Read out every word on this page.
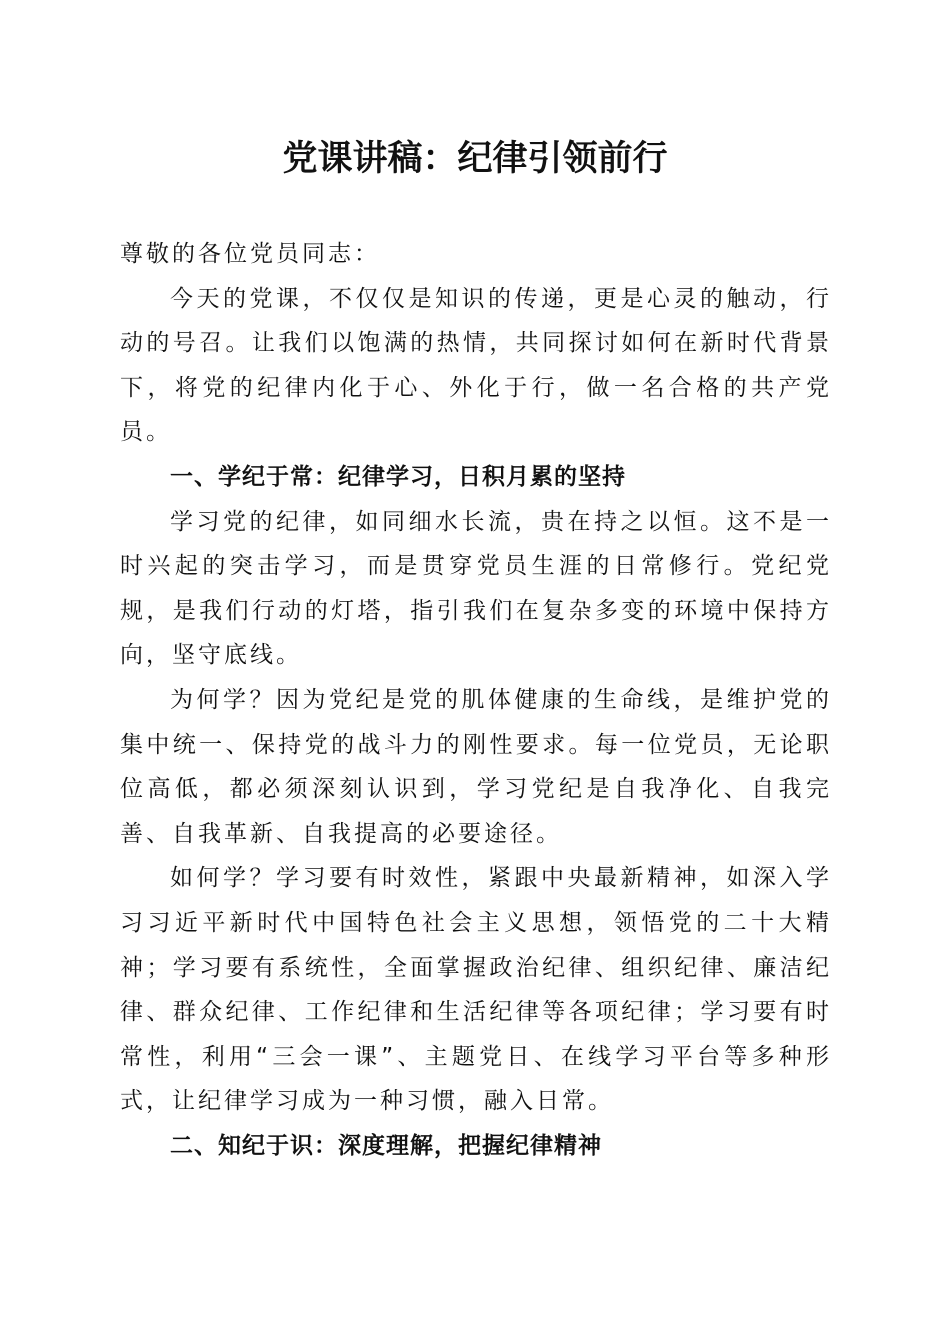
党课讲稿：纪律引领前行

尊敬的各位党员同志：

今天的党课，不仅仅是知识的传递，更是心灵的触动，行动的号召。让我们以饱满的热情，共同探讨如何在新时代背景下，将党的纪律内化于心、外化于行，做一名合格的共产党员。

一、学纪于常：纪律学习，日积月累的坚持

学习党的纪律，如同细水长流，贵在持之以恒。这不是一时兴起的突击学习，而是贯穿党员生涯的日常修行。党纪党规，是我们行动的灯塔，指引我们在复杂多变的环境中保持方向，坚守底线。

为何学？因为党纪是党的肌体健康的生命线，是维护党的集中统一、保持党的战斗力的刚性要求。每一位党员，无论职位高低，都必须深刻认识到，学习党纪是自我净化、自我完善、自我革新、自我提高的必要途径。

如何学？学习要有时效性，紧跟中央最新精神，如深入学习习近平新时代中国特色社会主义思想，领悟党的二十大精神；学习要有系统性，全面掌握政治纪律、组织纪律、廉洁纪律、群众纪律、工作纪律和生活纪律等各项纪律；学习要有时常性，利用“三会一课”、主题党日、在线学习平台等多种形式，让纪律学习成为一种习惯，融入日常。

二、知纪于识：深度理解，把握纪律精神
